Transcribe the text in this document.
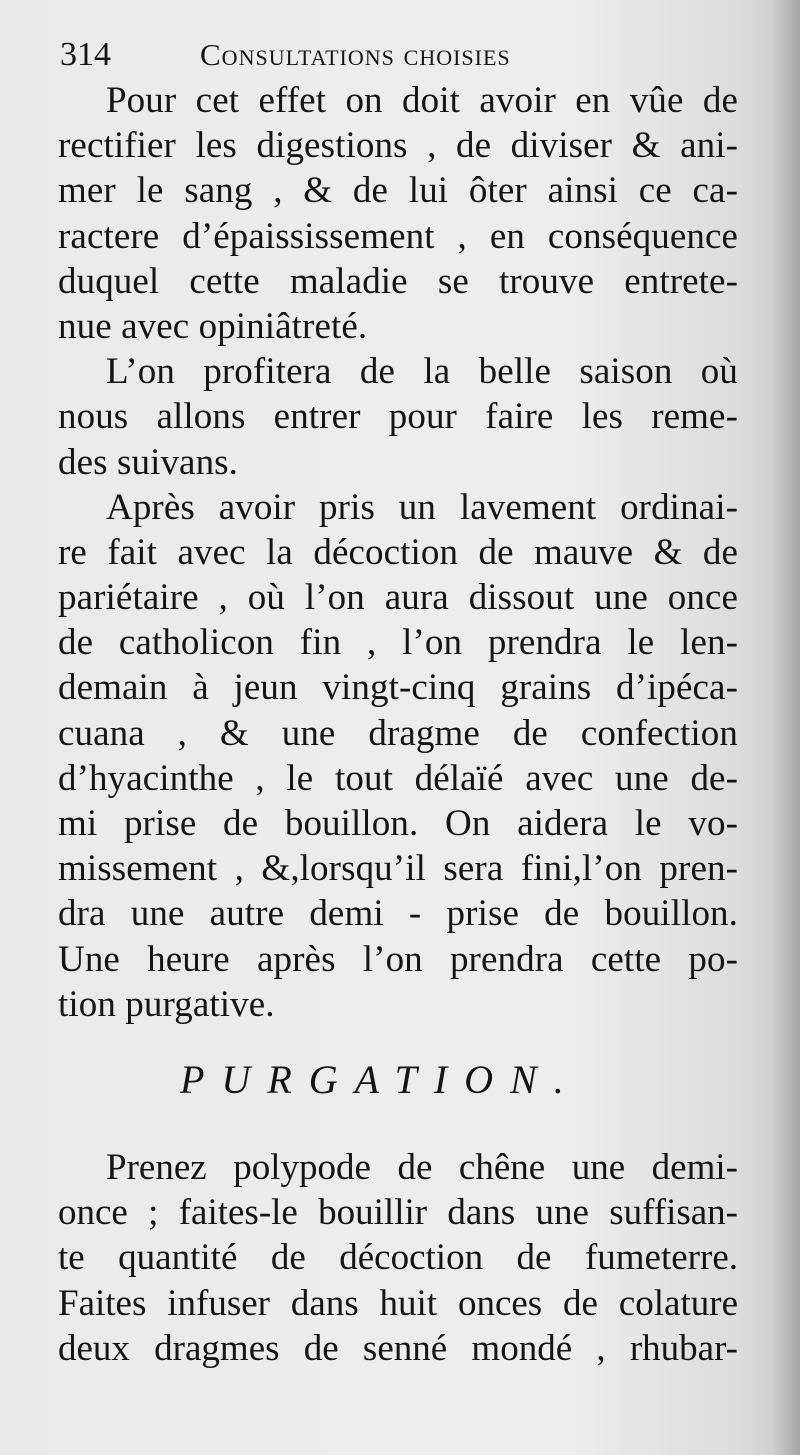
314	Consultations choisies
Pour cet effet on doit avoir en vûe de
rectifier les digestions , de diviser & ani-
mer le sang , & de lui ôter ainsi ce ca-
ractere d’épaississement , en conséquence
duquel cette maladie se trouve entrete-
nue avec opiniâtreté.
L’on profitera de la belle saison où
nous allons entrer pour faire les reme-
des suivans.
Après avoir pris un lavement ordinai-
re fait avec la décoction de mauve & de
pariétaire , où l’on aura dissout une once
de catholicon fin , l’on prendra le len-
demain à jeun vingt-cinq grains d’ipéca-
cuana , & une dragme de confection
d’hyacinthe , le tout délaïé avec une de-
mi prise de bouillon. On aidera le vo-
missement , &,lorsqu’il sera fini,l’on pren-
dra une autre demi - prise de bouillon.
Une heure après l’on prendra cette po-
tion purgative.
PURGATION.
Prenez polypode de chêne une demi-
once ; faites-le bouillir dans une suffisan-
te quantité de décoction de fumeterre.
Faites infuser dans huit onces de colature
deux dragmes de senné mondé , rhubar-
